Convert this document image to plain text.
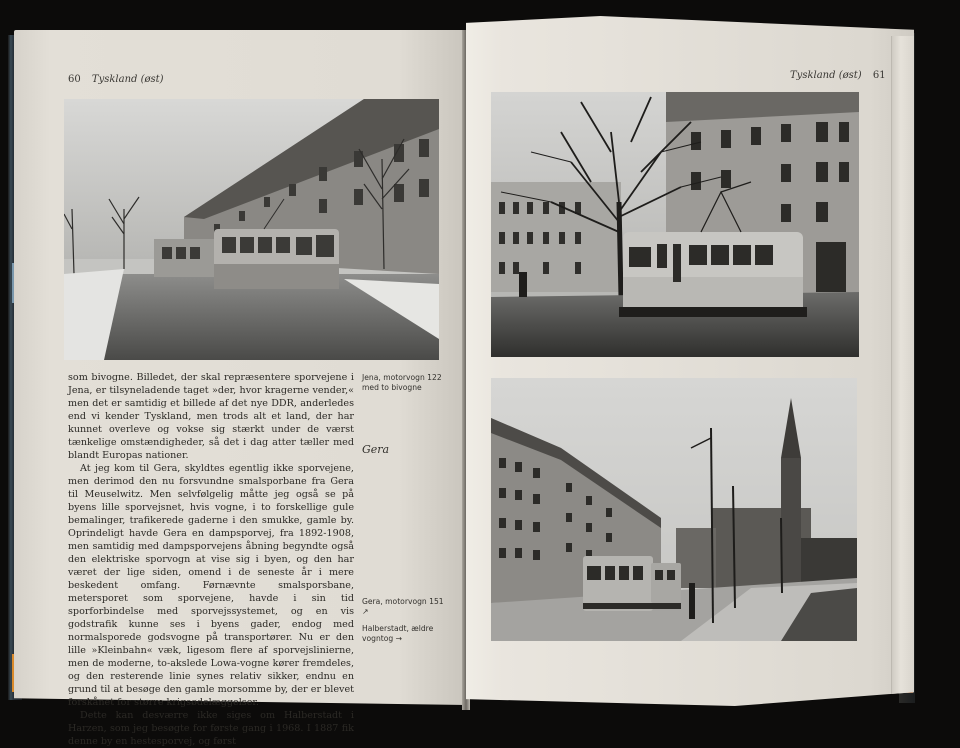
60 Tyskland (øst)

som bivogne. Billedet, der skal repræsentere sporvejene i Jena, er tilsyneladende taget »der, hvor kragerne vender,« men det er samtidig et billede af det nye DDR, anderledes end vi kender Tyskland, men trods alt et land, der har kunnet overleve og vokse sig stærkt under de værst tænkelige omstændigheder, så det i dag atter tæller med blandt Europas nationer.

At jeg kom til Gera, skyldtes egentlig ikke sporvejene, men derimod den nu forsvundne smalsporbane fra Gera til Meuselwitz. Men selvfølgelig måtte jeg også se på byens lille sporvejsnet, hvis vogne, i to forskellige gule bemalinger, trafikerede gaderne i den smukke, gamle by. Oprindeligt havde Gera en dampsporvej, fra 1892-1908, men samtidig med dampsporvejens åbning begyndte også den elektriske sporvogn at vise sig i byen, og den har været der lige siden, omend i de seneste år i mere beskedent omfang. Førnævnte smalsporsbane, metersporet som sporvejene, havde i sin tid sporforbindelse med sporvejssystemet, og en vis godstrafik kunne ses i byens gader, endog med normalsporede godsvogne på transportører. Nu er den lille »Kleinbahn« væk, ligesom flere af sporvejslinierne, men de moderne, to-akslede Lowa-vogne kører fremdeles, og den resterende linie synes relativ sikker, endnu en grund til at besøge den gamle morsomme by, der er blevet forskånet for større krigsødelæggelser.

Dette kan desværre ikke siges om Halberstadt i Harzen, som jeg besøgte for første gang i 1968. I 1887 fik denne by en hestesporvej, og først

Jena, motorvogn 122 med to bivogne
Gera
Gera, motorvogn 151 ↗
Halberstadt, ældre vogntog →
Tyskland (øst) 61
